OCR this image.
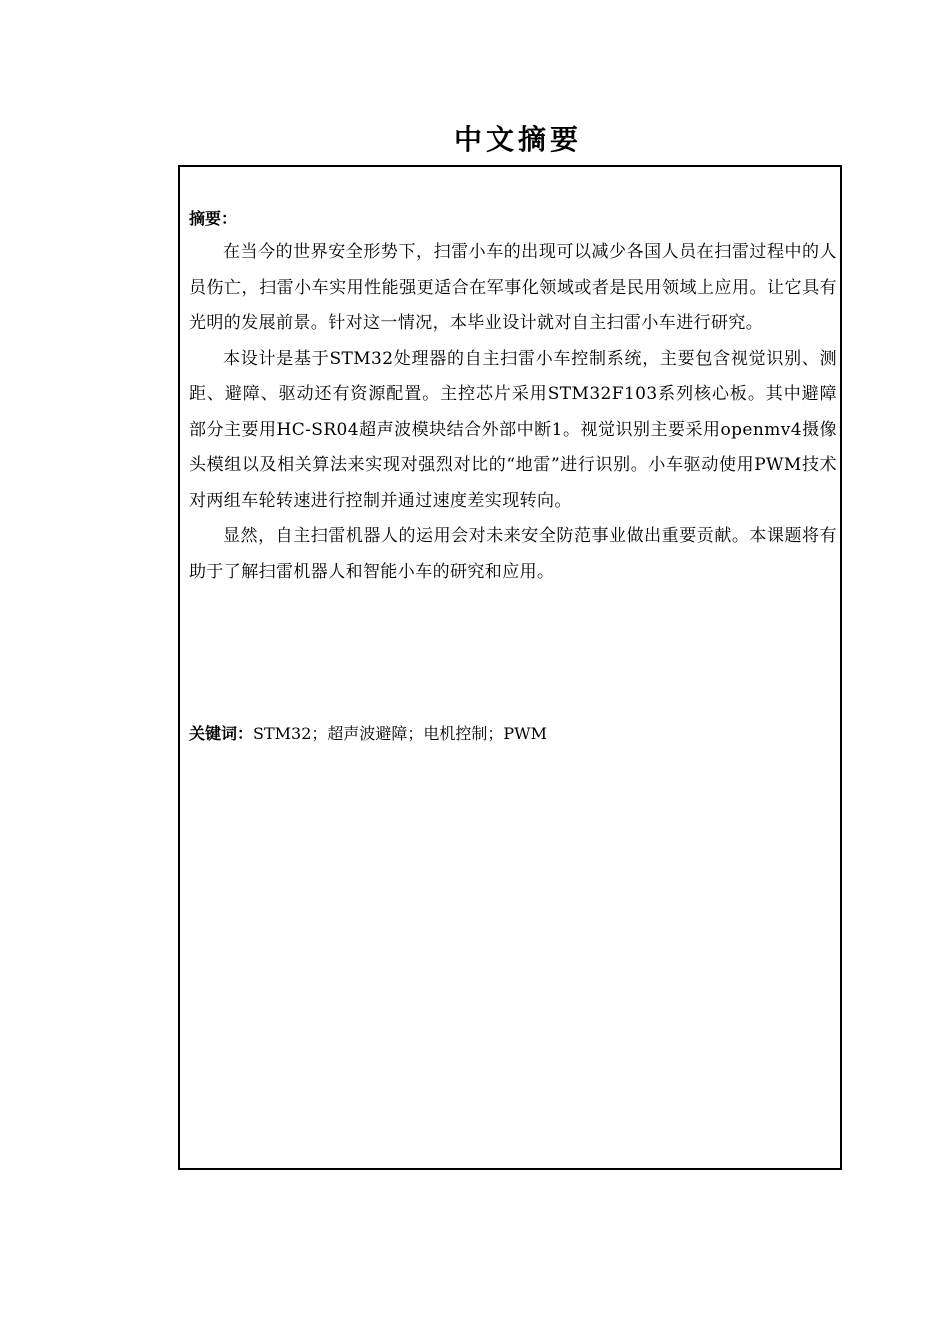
中文摘要

摘要：

在当今的世界安全形势下，扫雷小车的出现可以减少各国人员在扫雷过程中的人员伤亡，扫雷小车实用性能强更适合在军事化领域或者是民用领域上应用。让它具有光明的发展前景。针对这一情况，本毕业设计就对自主扫雷小车进行研究。

本设计是基于STM32处理器的自主扫雷小车控制系统，主要包含视觉识别、测距、避障、驱动还有资源配置。主控芯片采用STM32F103系列核心板。其中避障部分主要用HC-SR04超声波模块结合外部中断1。视觉识别主要采用openmv4摄像头模组以及相关算法来实现对强烈对比的“地雷”进行识别。小车驱动使用PWM技术对两组车轮转速进行控制并通过速度差实现转向。

显然，自主扫雷机器人的运用会对未来安全防范事业做出重要贡献。本课题将有助于了解扫雷机器人和智能小车的研究和应用。

关键词：STM32；超声波避障；电机控制；PWM
